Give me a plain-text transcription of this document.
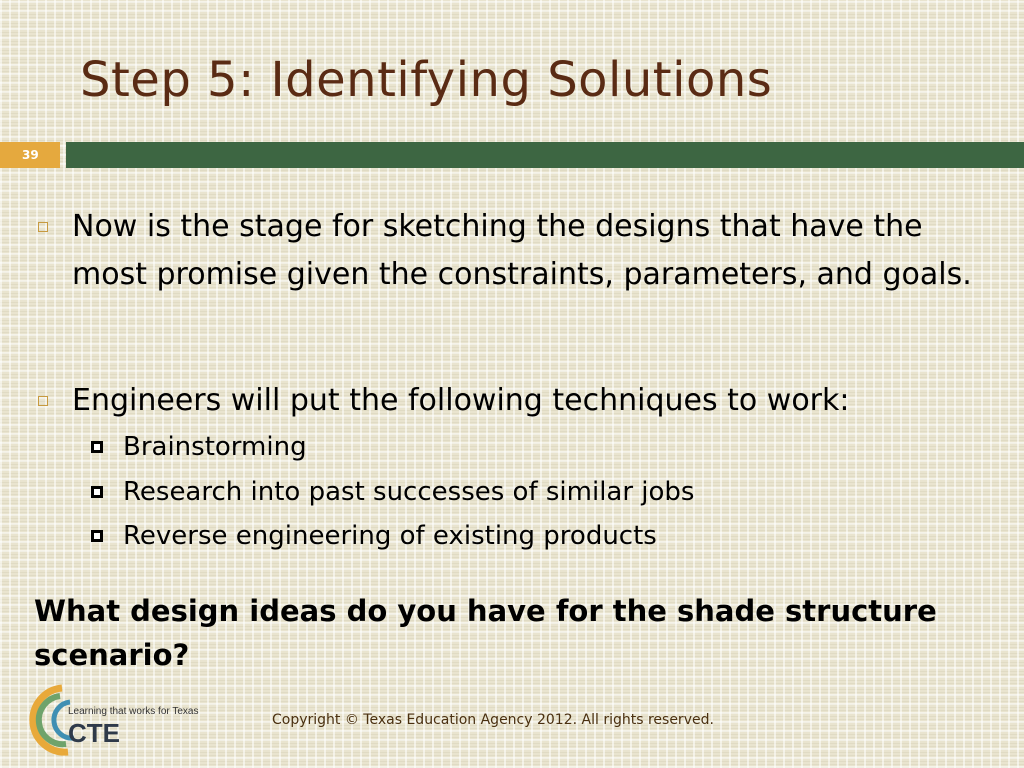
Step 5: Identifying Solutions
39

Now is the stage for sketching the designs that have the most promise given the constraints, parameters, and goals.

Engineers will put the following techniques to work:

Brainstorming

Research into past successes of similar jobs

Reverse engineering of existing products

What design ideas do you have for the shade structure scenario?

Learning that works for Texas
CTE	Copyright © Texas Education Agency 2012. All rights reserved.
